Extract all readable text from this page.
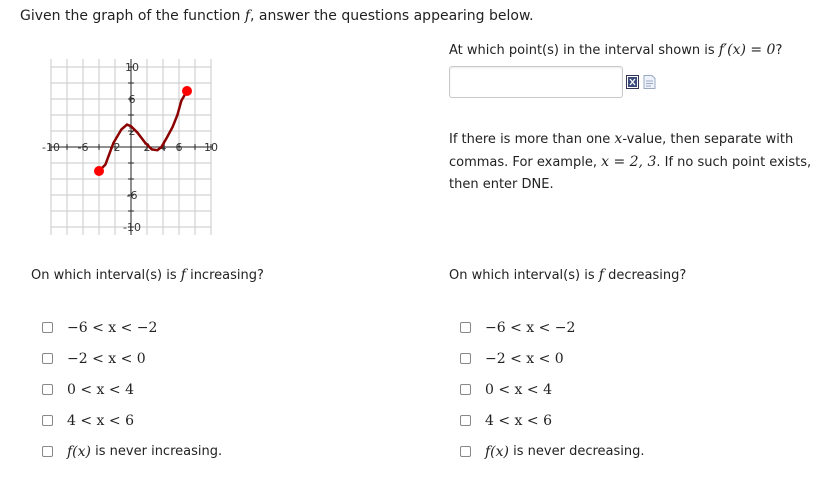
Given the graph of the function f, answer the questions appearing below.
-10 -6 -2 2 4 6 10
10
6
2
-6
-10
At which point(s) in the interval shown is f′(x) = 0?
If there is more than one x-value, then separate with commas. For example, x = 2, 3. If no such point exists, then enter DNE.
On which interval(s) is f increasing?
−6 < x < −2
−2 < x < 0
0 < x < 4
4 < x < 6
f(x)
is never increasing.
On which interval(s) is f decreasing?
−6 < x < −2
−2 < x < 0
0 < x < 4
4 < x < 6
f(x)
is never decreasing.
